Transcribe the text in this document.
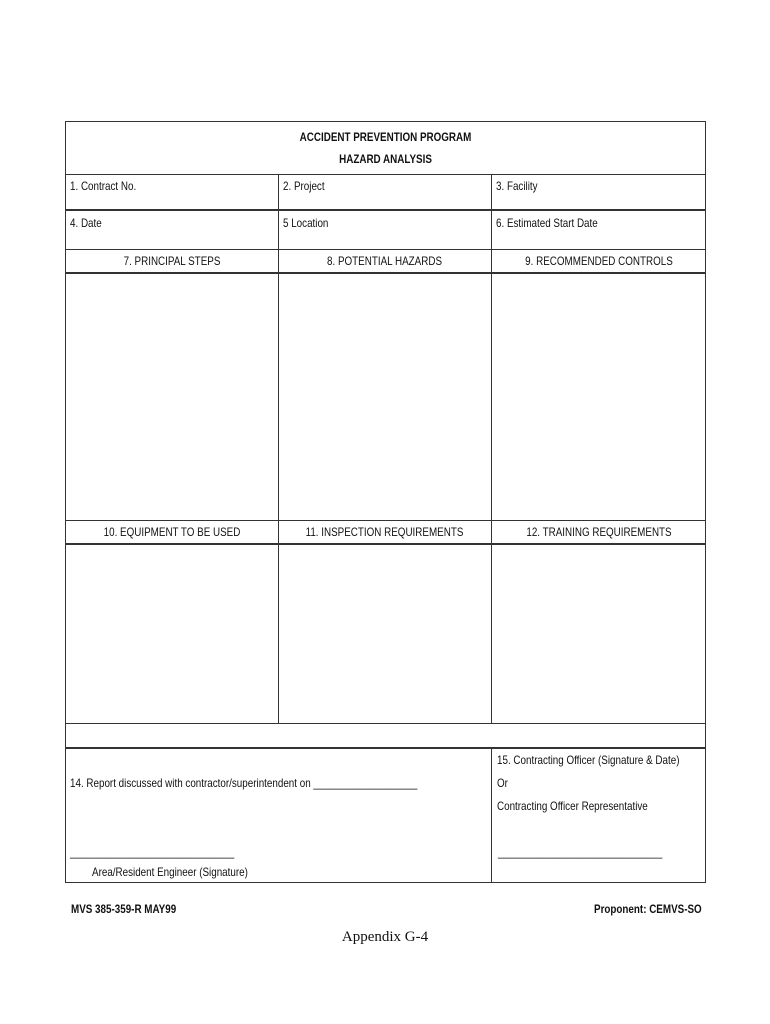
ACCIDENT PREVENTION PROGRAM
HAZARD ANALYSIS
1. Contract No.	2. Project	3. Facility
4. Date	5 Location	6. Estimated Start Date
7. PRINCIPAL STEPS	8. POTENTIAL HAZARDS	9. RECOMMENDED CONTROLS
10. EQUIPMENT TO BE USED	11. INSPECTION REQUIREMENTS	12. TRAINING REQUIREMENTS
14. Report discussed with contractor/superintendent on ___________________
______________________________
Area/Resident Engineer (Signature)
15. Contracting Officer (Signature & Date)
Or
Contracting Officer Representative
______________________________
MVS 385-359-R MAY99	Proponent: CEMVS-SO
Appendix G-4
